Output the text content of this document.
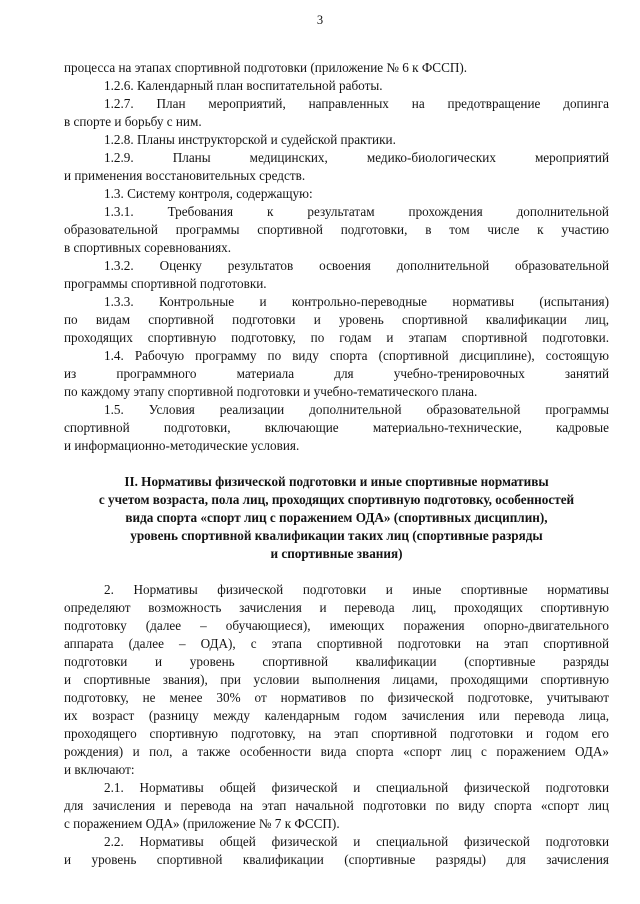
3
процесса на этапах спортивной подготовки (приложение № 6 к ФССП).
1.2.6. Календарный план воспитательной работы.
1.2.7. План мероприятий, направленных на предотвращение допинга
в спорте и борьбу с ним.
1.2.8. Планы инструкторской и судейской практики.
1.2.9. Планы медицинских, медико-биологических мероприятий
и применения восстановительных средств.
1.3. Систему контроля, содержащую:
1.3.1. Требования к результатам прохождения дополнительной
образовательной программы спортивной подготовки, в том числе к участию
в спортивных соревнованиях.
1.3.2. Оценку результатов освоения дополнительной образовательной
программы спортивной подготовки.
1.3.3. Контрольные и контрольно-переводные нормативы (испытания)
по видам спортивной подготовки и уровень спортивной квалификации лиц,
проходящих спортивную подготовку, по годам и этапам спортивной подготовки.
1.4. Рабочую программу по виду спорта (спортивной дисциплине), состоящую
из программного материала для учебно-тренировочных занятий
по каждому этапу спортивной подготовки и учебно-тематического плана.
1.5. Условия реализации дополнительной образовательной программы
спортивной подготовки, включающие материально-технические, кадровые
и информационно-методические условия.
II. Нормативы физической подготовки и иные спортивные нормативы
с учетом возраста, пола лиц, проходящих спортивную подготовку, особенностей
вида спорта «спорт лиц с поражением ОДА» (спортивных дисциплин),
уровень спортивной квалификации таких лиц (спортивные разряды
и спортивные звания)
2. Нормативы физической подготовки и иные спортивные нормативы
определяют возможность зачисления и перевода лиц, проходящих спортивную
подготовку (далее – обучающиеся), имеющих поражения опорно-двигательного
аппарата (далее – ОДА), с этапа спортивной подготовки на этап спортивной
подготовки и уровень спортивной квалификации (спортивные разряды
и спортивные звания), при условии выполнения лицами, проходящими спортивную
подготовку, не менее 30% от нормативов по физической подготовке, учитывают
их возраст (разницу между календарным годом зачисления или перевода лица,
проходящего спортивную подготовку, на этап спортивной подготовки и годом его
рождения) и пол, а также особенности вида спорта «спорт лиц с поражением ОДА»
и включают:
2.1. Нормативы общей физической и специальной физической подготовки
для зачисления и перевода на этап начальной подготовки по виду спорта «спорт лиц
с поражением ОДА» (приложение № 7 к ФССП).
2.2. Нормативы общей физической и специальной физической подготовки
и уровень спортивной квалификации (спортивные разряды) для зачисления
